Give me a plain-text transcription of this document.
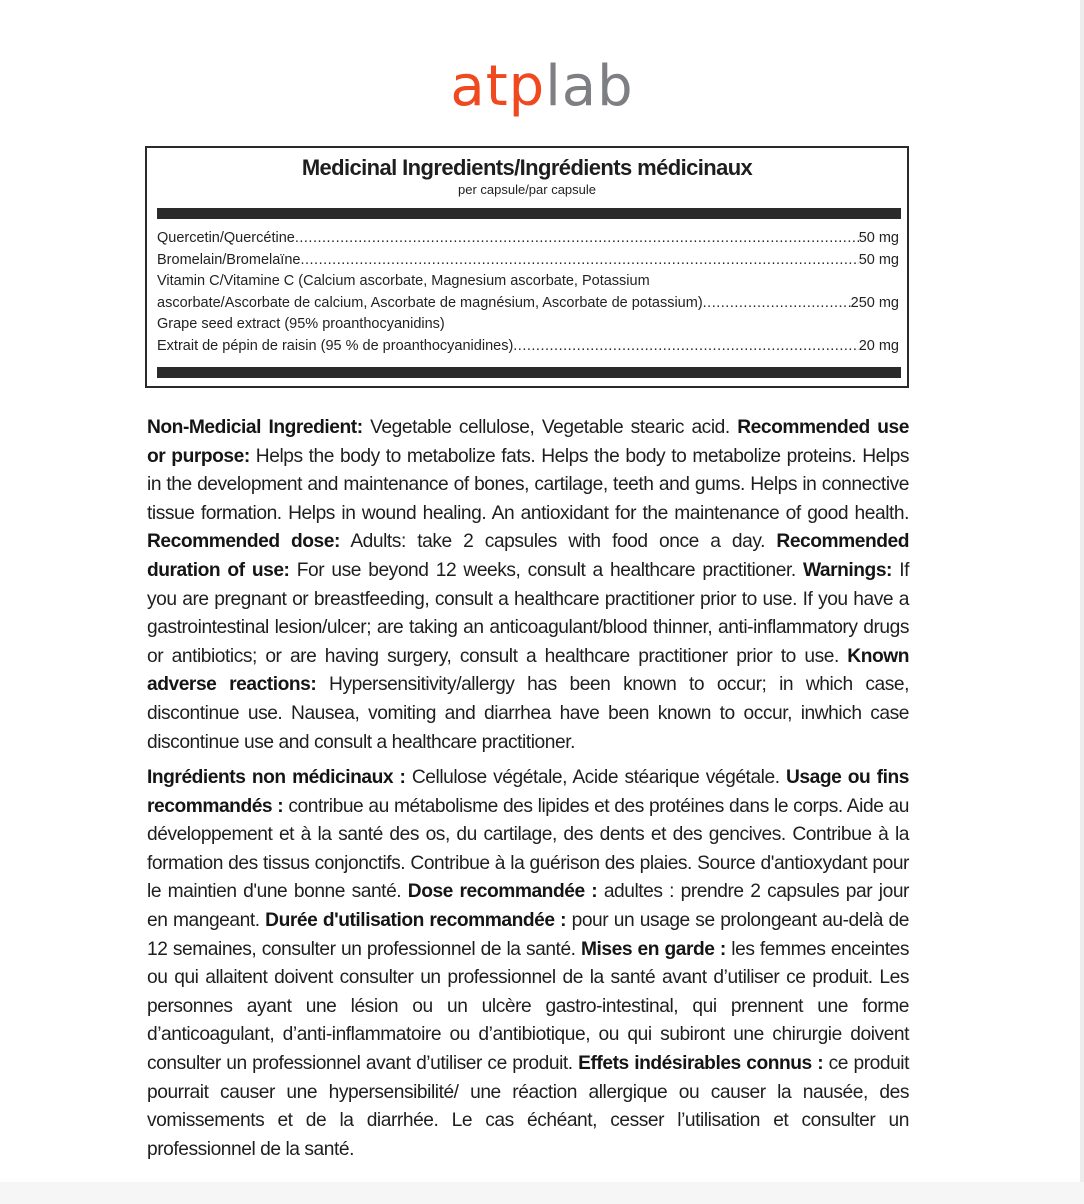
atplab
Medicinal Ingredients/Ingrédients médicinaux
per capsule/par capsule
Quercetin/Quercétine .....	50 mg
Bromelain/Bromelaïne .....	50 mg
Vitamin C/Vitamine C (Calcium ascorbate, Magnesium ascorbate, Potassium
ascorbate/Ascorbate de calcium, Ascorbate de magnésium, Ascorbate de potassium) .....	250 mg
Grape seed extract (95% proanthocyanidins)
Extrait de pépin de raisin (95 % de proanthocyanidines) .....	20 mg
Non-Medicial Ingredient: Vegetable cellulose, Vegetable stearic acid. Recommended use or purpose: Helps the body to metabolize fats. Helps the body to metabolize proteins. Helps in the development and maintenance of bones, cartilage, teeth and gums. Helps in connective tissue formation. Helps in wound healing. An antioxidant for the maintenance of good health. Recommended dose: Adults: take 2 capsules with food once a day. Recommended duration of use: For use beyond 12 weeks, consult a healthcare practitioner. Warnings: If you are pregnant or breastfeeding, consult a healthcare practitioner prior to use. If you have a gastrointestinal lesion/ulcer; are taking an anticoagulant/blood thinner, anti-inflammatory drugs or antibiotics; or are having surgery, consult a healthcare practitioner prior to use. Known adverse reactions: Hypersensitivity/allergy has been known to occur; in which case, discontinue use. Nausea, vomiting and diarrhea have been known to occur, inwhich case discontinue use and consult a healthcare practitioner.
Ingrédients non médicinaux : Cellulose végétale, Acide stéarique végétale. Usage ou fins recommandés : contribue au métabolisme des lipides et des protéines dans le corps. Aide au développement et à la santé des os, du cartilage, des dents et des gencives. Contribue à la formation des tissus conjonctifs. Contribue à la guérison des plaies. Source d'antioxydant pour le maintien d'une bonne santé. Dose recommandée : adultes : prendre 2 capsules par jour en mangeant. Durée d'utilisation recommandée : pour un usage se prolongeant au-delà de 12 semaines, consulter un professionnel de la santé. Mises en garde : les femmes enceintes ou qui allaitent doivent consulter un professionnel de la santé avant d’utiliser ce produit. Les personnes ayant une lésion ou un ulcère gastro-intestinal, qui prennent une forme d’anticoagulant, d’anti-inflammatoire ou d’antibiotique, ou qui subiront une chirurgie doivent consulter un professionnel avant d’utiliser ce produit. Effets indésirables connus : ce produit pourrait causer une hypersensibilité/ une réaction allergique ou causer la nausée, des vomissements et de la diarrhée. Le cas échéant, cesser l’utilisation et consulter un professionnel de la santé.
